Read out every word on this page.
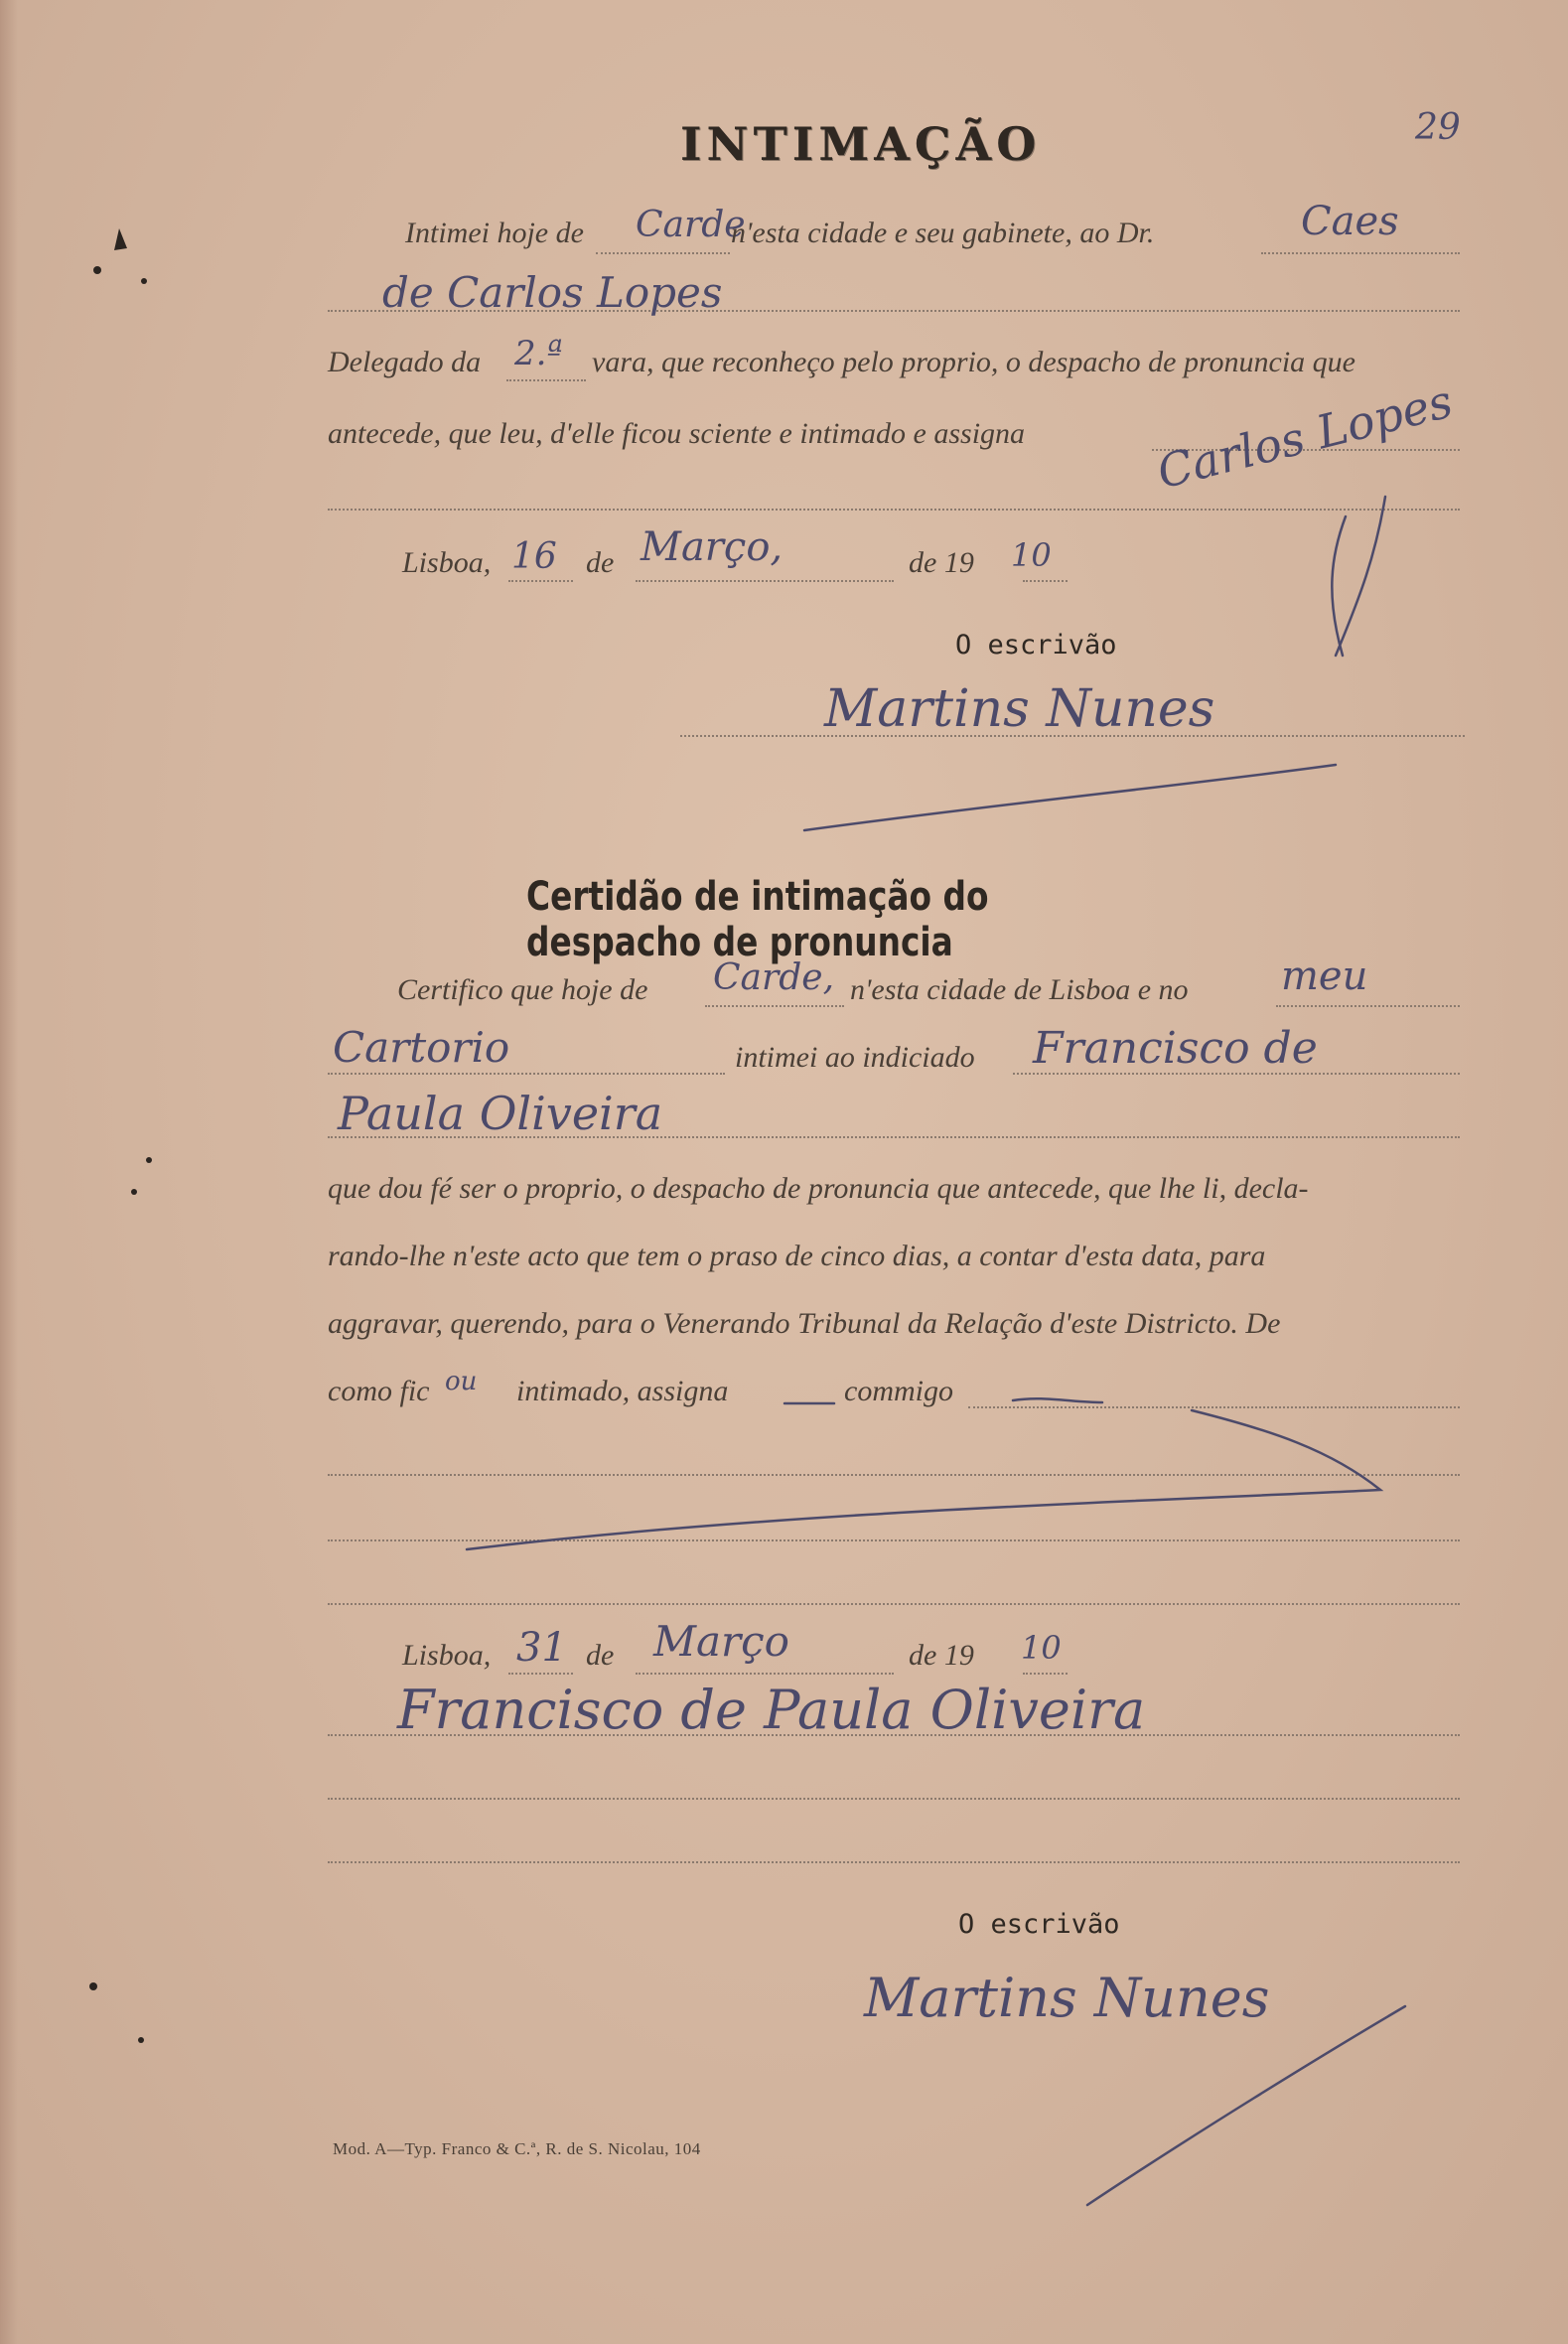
29
INTIMAÇÃO
Intimei hoje de Carde
n'esta cidade e seu gabinete, ao Dr.	Caes
de Carlos Lopes
Delegado da 2.ª vara, que reconheço pelo proprio, o despacho de pronuncia que
antecede, que leu, d'elle ficou sciente e intimado e assigna	Carlos Lopes
Lisboa, 16 de Março,	de 19 10
O escrivão
Martins Nunes
Certidão de intimação do despacho de pronuncia
Certifico que hoje de Carde, n'esta cidade de Lisboa e no meu
Cartorio	intimei ao indiciado Francisco de
Paula Oliveira
que dou fé ser o proprio, o despacho de pronuncia que antecede, que lhe li, decla-
rando-lhe n'este acto que tem o praso de cinco dias, a contar d'esta data, para
aggravar, querendo, para o Venerando Tribunal da Relação d'este Districto. De
como fic ou intimado, assigna	commigo
Lisboa, 31 de Março	de 19 10
Francisco de Paula Oliveira
O escrivão
Martins Nunes
Mod. A—Typ. Franco & C.ª, R. de S. Nicolau, 104
